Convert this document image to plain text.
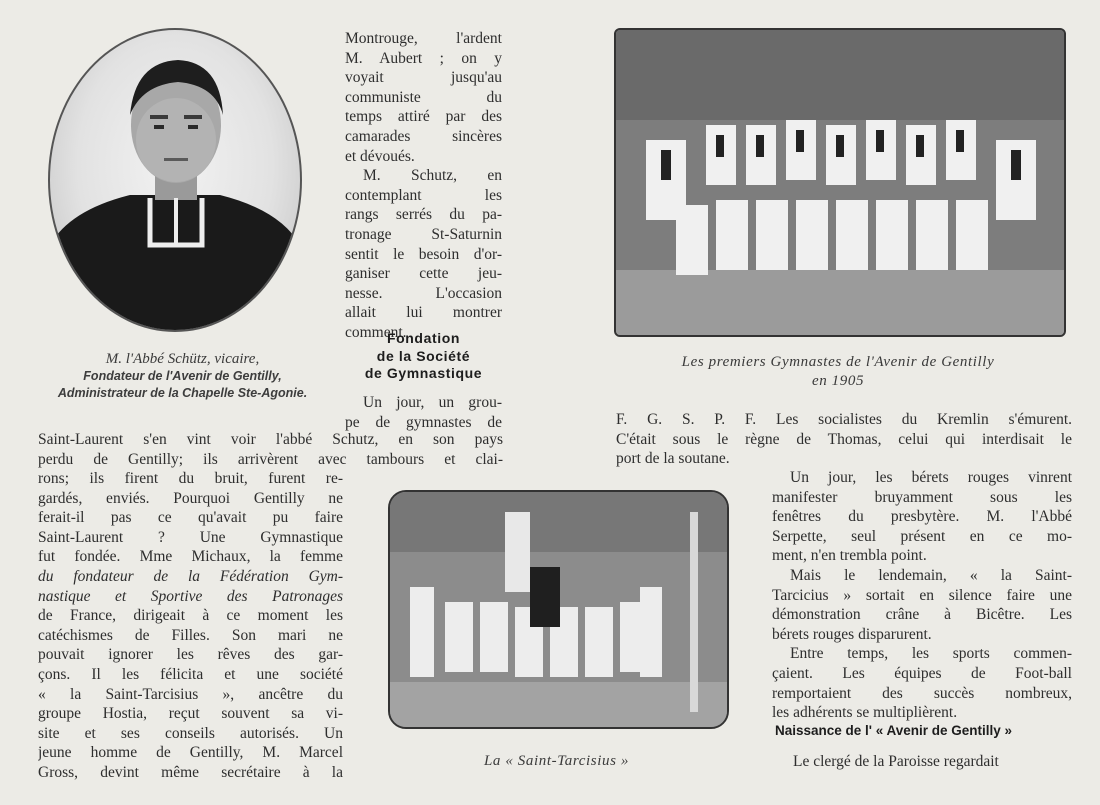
M. l'Abbé Schütz, vicaire,
Fondateur de l'Avenir de Gentilly,
Administrateur de la Chapelle Ste-Agonie.
Montrouge, l'ardent
M. Aubert ; on y
voyait jusqu'au
communiste du
temps attiré par des
camarades sincères
et dévoués.
M. Schutz, en
contemplant les
rangs serrés du pa-
tronage St-Saturnin
sentit le besoin d'or-
ganiser cette jeu-
nesse. L'occasion
allait lui montrer
comment.
Fondation
de la Société
de Gymnastique
Un jour, un grou-
pe de gymnastes de
Saint-Laurent s'en vint voir l'abbé Schutz, en son pays
perdu de Gentilly; ils arrivèrent avec tambours et clai-
rons; ils firent du bruit, furent re-
gardés, enviés. Pourquoi Gentilly ne
ferait-il pas ce qu'avait pu faire
Saint-Laurent ? Une Gymnastique
fut fondée. Mme Michaux, la femme
du fondateur de la Fédération Gym-
nastique et Sportive des Patronages
de France, dirigeait à ce moment les
catéchismes de Filles. Son mari ne
pouvait ignorer les rêves des gar-
çons. Il les félicita et une société
« la Saint-Tarcisius », ancêtre du
groupe Hostia, reçut souvent sa vi-
site et ses conseils autorisés. Un
jeune homme de Gentilly, M. Marcel
Gross, devint même secrétaire à la
Les premiers Gymnastes de l'Avenir de Gentilly
en 1905
F. G. S. P. F. Les socialistes du Kremlin s'émurent.
C'était sous le règne de Thomas, celui qui interdisait le
port de la soutane.
La « Saint-Tarcisius »
Un jour, les bérets rouges vinrent
manifester bruyamment sous les
fenêtres du presbytère. M. l'Abbé
Serpette, seul présent en ce mo-
ment, n'en trembla point.
Mais le lendemain, « la Saint-
Tarcicius » sortait en silence faire une
démonstration crâne à Bicêtre. Les
bérets rouges disparurent.
Entre temps, les sports commen-
çaient. Les équipes de Foot-ball
remportaient des succès nombreux,
les adhérents se multiplièrent.
Naissance de l' « Avenir de Gentilly »
Le clergé de la Paroisse regardait
